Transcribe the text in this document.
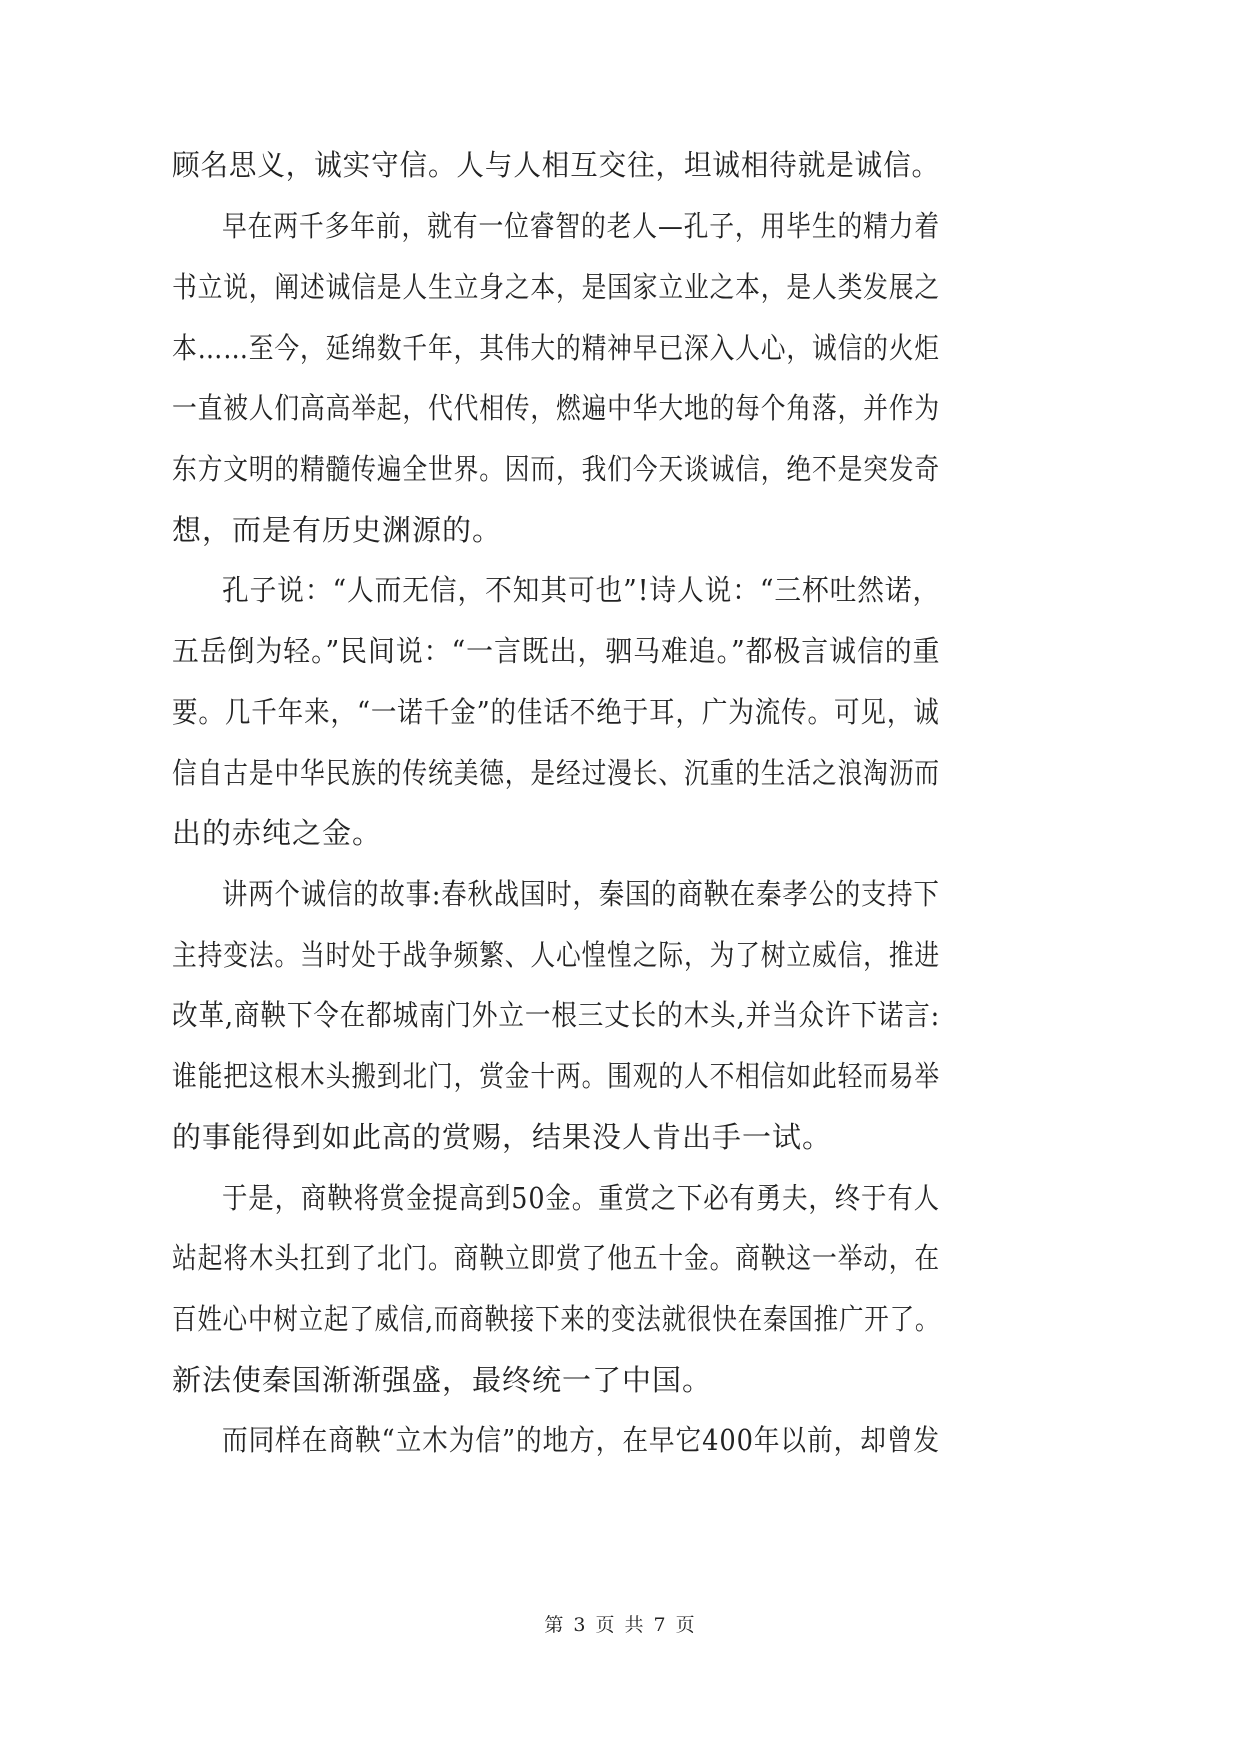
顾名思义，诚实守信。人与人相互交往，坦诚相待就是诚信。

早在两千多年前，就有一位睿智的老人—孔子，用毕生的精力着

书立说，阐述诚信是人生立身之本，是国家立业之本，是人类发展之

本……至今，延绵数千年，其伟大的精神早已深入人心，诚信的火炬

一直被人们高高举起，代代相传，燃遍中华大地的每个角落，并作为

东方文明的精髓传遍全世界。因而，我们今天谈诚信，绝不是突发奇

想，而是有历史渊源的。

孔子说：“人而无信，不知其可也”!诗人说：“三杯吐然诺，

五岳倒为轻。”民间说：“一言既出，驷马难追。”都极言诚信的重

要。几千年来，“一诺千金”的佳话不绝于耳，广为流传。可见，诚

信自古是中华民族的传统美德，是经过漫长、沉重的生活之浪淘沥而

出的赤纯之金。

讲两个诚信的故事:春秋战国时，秦国的商鞅在秦孝公的支持下

主持变法。当时处于战争频繁、人心惶惶之际，为了树立威信，推进

改革,商鞅下令在都城南门外立一根三丈长的木头,并当众许下诺言:

谁能把这根木头搬到北门，赏金十两。围观的人不相信如此轻而易举

的事能得到如此高的赏赐，结果没人肯出手一试。

于是，商鞅将赏金提高到50金。重赏之下必有勇夫，终于有人

站起将木头扛到了北门。商鞅立即赏了他五十金。商鞅这一举动，在

百姓心中树立起了威信,而商鞅接下来的变法就很快在秦国推广开了。

新法使秦国渐渐强盛，最终统一了中国。

而同样在商鞅“立木为信”的地方，在早它400年以前，却曾发

第 3 页 共 7 页
